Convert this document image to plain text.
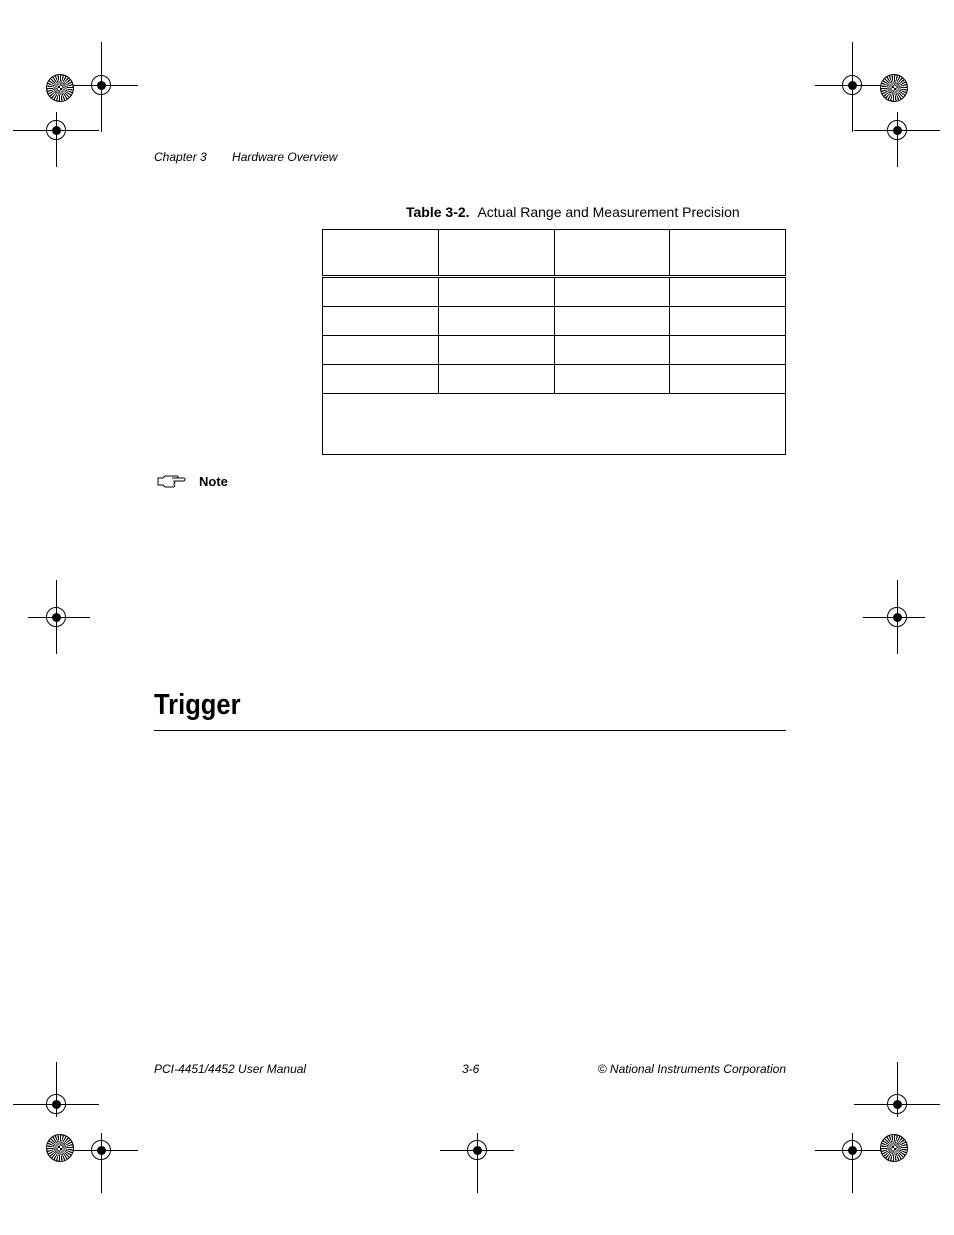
Chapter 3 Hardware Overview
Table 3-2. Actual Range and Measurement Precision

Note
Trigger
PCI-4451/4452 User Manual	3-6	© National Instruments Corporation
